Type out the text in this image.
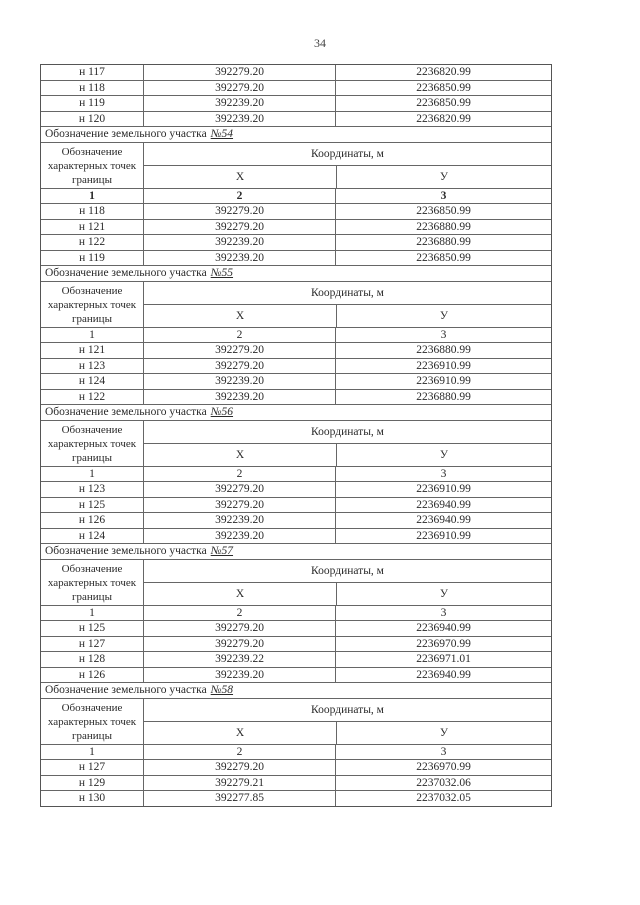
34
н 117	392279.20	2236820.99
н 118	392279.20	2236850.99
н 119	392239.20	2236850.99
н 120	392239.20	2236820.99
Обозначение земельного участка №54
Обозначение характерных точек границы
Координаты, м
Х	У
1	2	3
н 118	392279.20	2236850.99
н 121	392279.20	2236880.99
н 122	392239.20	2236880.99
н 119	392239.20	2236850.99
Обозначение земельного участка №55
Обозначение характерных точек границы
Координаты, м
Х	У
1	2	3
н 121	392279.20	2236880.99
н 123	392279.20	2236910.99
н 124	392239.20	2236910.99
н 122	392239.20	2236880.99
Обозначение земельного участка №56
Обозначение характерных точек границы
Координаты, м
Х	У
1	2	3
н 123	392279.20	2236910.99
н 125	392279.20	2236940.99
н 126	392239.20	2236940.99
н 124	392239.20	2236910.99
Обозначение земельного участка №57
Обозначение характерных точек границы
Координаты, м
Х	У
1	2	3
н 125	392279.20	2236940.99
н 127	392279.20	2236970.99
н 128	392239.22	2236971.01
н 126	392239.20	2236940.99
Обозначение земельного участка №58
Обозначение характерных точек границы
Координаты, м
Х	У
1	2	3
н 127	392279.20	2236970.99
н 129	392279.21	2237032.06
н 130	392277.85	2237032.05
